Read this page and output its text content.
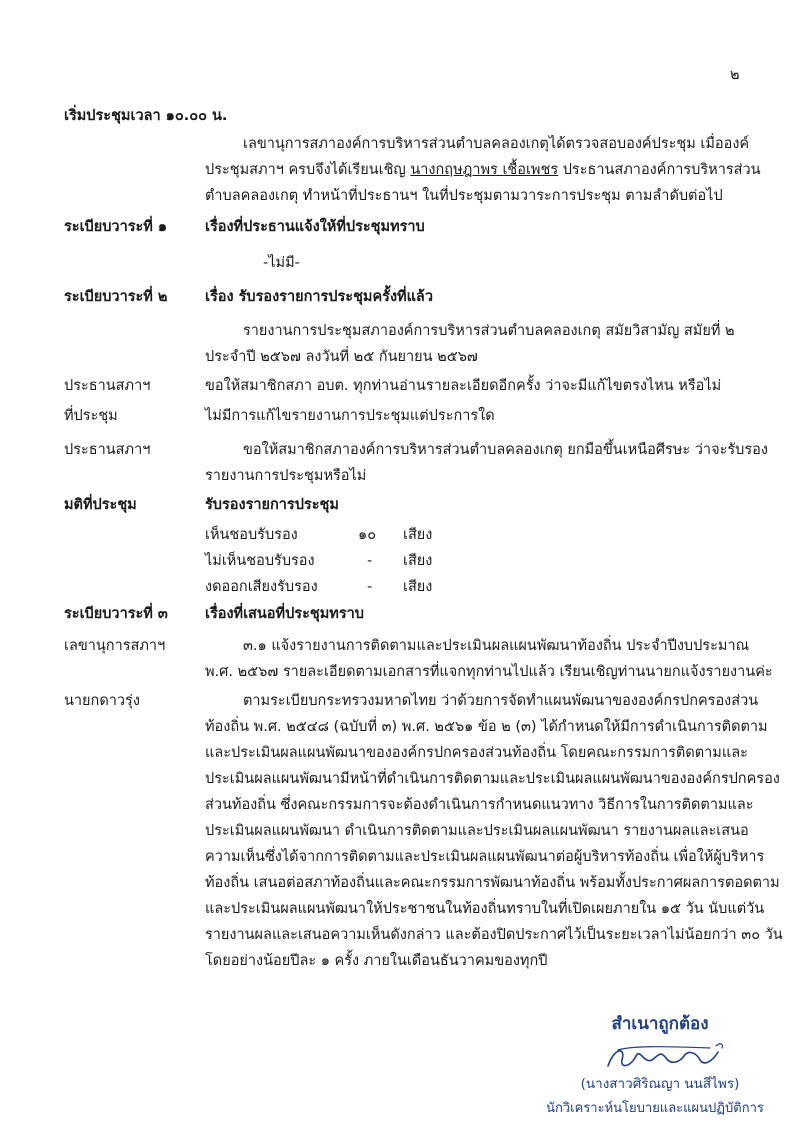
๒
เริ่มประชุมเวลา ๑๐.๐๐ น.
เลขานุการสภาองค์การบริหารส่วนตำบลคลองเกตุได้ตรวจสอบองค์ประชุม เมื่อองค์
ประชุมสภาฯ ครบจึงได้เรียนเชิญ นางกฤษฎาพร เชื้อเพชร ประธานสภาองค์การบริหารส่วน
ตำบลคลองเกตุ ทำหน้าที่ประธานฯ ในที่ประชุมตามวาระการประชุม ตามลำดับต่อไป
ระเบียบวาระที่ ๑	เรื่องที่ประธานแจ้งให้ที่ประชุมทราบ
-ไม่มี-
ระเบียบวาระที่ ๒	เรื่อง รับรองรายการประชุมครั้งที่แล้ว
รายงานการประชุมสภาองค์การบริหารส่วนตำบลคลองเกตุ สมัยวิสามัญ สมัยที่ ๒
ประจำปี ๒๕๖๗ ลงวันที่ ๒๕ กันยายน ๒๕๖๗
ประธานสภาฯ	ขอให้สมาชิกสภา อบต. ทุกท่านอ่านรายละเอียดอีกครั้ง ว่าจะมีแก้ไขตรงไหน หรือไม่
ที่ประชุม	ไม่มีการแก้ไขรายงานการประชุมแต่ประการใด
ประธานสภาฯ	ขอให้สมาชิกสภาองค์การบริหารส่วนตำบลคลองเกตุ ยกมือขึ้นเหนือศีรษะ ว่าจะรับรอง
รายงานการประชุมหรือไม่
มติที่ประชุม	รับรองรายการประชุม
เห็นชอบรับรอง	๑๐ เสียง
ไม่เห็นชอบรับรอง	- เสียง
งดออกเสียงรับรอง	- เสียง
ระเบียบวาระที่ ๓	เรื่องที่เสนอที่ประชุมทราบ
เลขานุการสภาฯ	๓.๑ แจ้งรายงานการติดตามและประเมินผลแผนพัฒนาท้องถิ่น ประจำปีงบประมาณ
พ.ศ. ๒๕๖๗ รายละเอียดตามเอกสารที่แจกทุกท่านไปแล้ว เรียนเชิญท่านนายกแจ้งรายงานค่ะ
นายกดาวรุ่ง	ตามระเบียบกระทรวงมหาดไทย ว่าด้วยการจัดทำแผนพัฒนาขององค์กรปกครองส่วน
ท้องถิ่น พ.ศ. ๒๕๔๘ (ฉบับที่ ๓) พ.ศ. ๒๕๖๑ ข้อ ๒ (๓) ได้กำหนดให้มีการดำเนินการติดตาม
และประเมินผลแผนพัฒนาขององค์กรปกครองส่วนท้องถิ่น โดยคณะกรรมการติดตามและ
ประเมินผลแผนพัฒนามีหน้าที่ดำเนินการติดตามและประเมินผลแผนพัฒนาขององค์กรปกครอง
ส่วนท้องถิ่น ซึ่งคณะกรรมการจะต้องดำเนินการกำหนดแนวทาง วิธีการในการติดตามและ
ประเมินผลแผนพัฒนา ดำเนินการติดตามและประเมินผลแผนพัฒนา รายงานผลและเสนอ
ความเห็นซึ่งได้จากการติดตามและประเมินผลแผนพัฒนาต่อผู้บริหารท้องถิ่น เพื่อให้ผู้บริหาร
ท้องถิ่น เสนอต่อสภาท้องถิ่นและคณะกรรมการพัฒนาท้องถิ่น พร้อมทั้งประกาศผลการตอดตาม
และประเมินผลแผนพัฒนาให้ประชาชนในท้องถิ่นทราบในที่เปิดเผยภายใน ๑๕ วัน นับแต่วัน
รายงานผลและเสนอความเห็นดังกล่าว และต้องปิดประกาศไว้เป็นระยะเวลาไม่น้อยกว่า ๓๐ วัน
โดยอย่างน้อยปีละ ๑ ครั้ง ภายในเดือนธันวาคมของทุกปี
สำเนาถูกต้อง
(นางสาวศิริณญา นนสีไพร)
นักวิเคราะห์นโยบายและแผนปฏิบัติการ
